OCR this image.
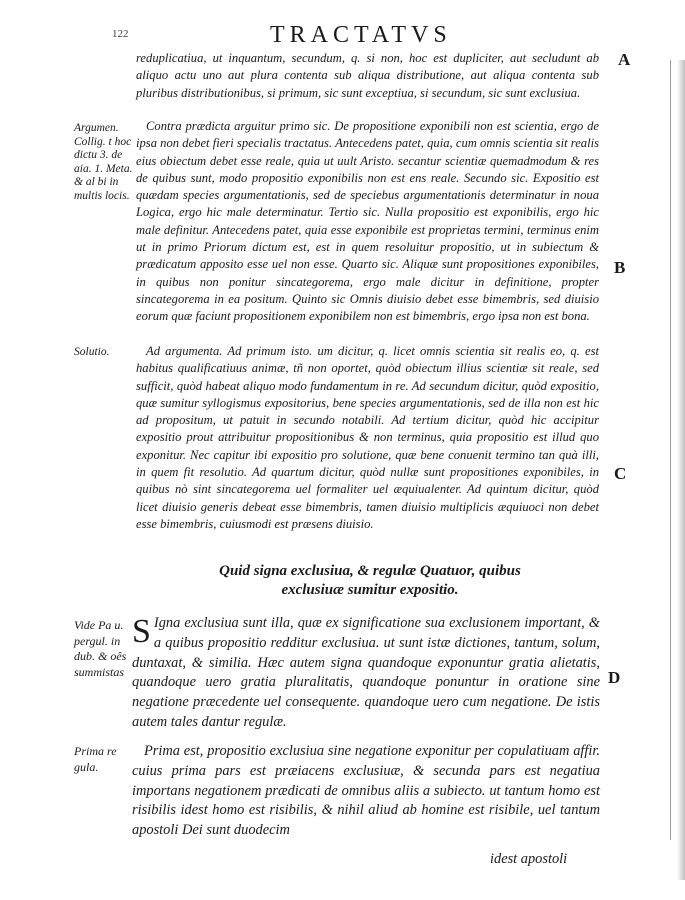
122	TRACTATVS
A
B
C
D
reduplicatiua, ut inquantum, secundum, q. si non, hoc est dupliciter, aut secludunt ab aliquo actu uno aut plura contenta sub aliqua distributione, aut aliqua contenta sub pluribus distributionibus, si primum, sic sunt exceptiua, si secundum, sic sunt exclusiua.
Argumen. Collig. t hoc dictu 3. de aia. 1. Meta. & al bi in multis locis.
Contra prædicta arguitur primo sic. De propositione exponibili non est scientia, ergo de ipsa non debet fieri specialis tractatus. Antecedens patet, quia, cum omnis scientia sit realis eius obiectum debet esse reale, quia ut uult Aristo. secantur scientiæ quemadmodum & res de quibus sunt, modo propositio exponibilis non est ens reale. Secundo sic. Expositio est quædam species argumentationis, sed de speciebus argumentationis determinatur in noua Logica, ergo hic male determinatur. Tertio sic. Nulla propositio est exponibilis, ergo hic male definitur. Antecedens patet, quia esse exponibile est proprietas termini, terminus enim ut in primo Priorum dictum est, est in quem resoluitur propositio, ut in subiectum & prædicatum apposito esse uel non esse. Quarto sic. Aliquæ sunt propositiones exponibiles, in quibus non ponitur sincategorema, ergo male dicitur in definitione, propter sincategorema in ea positum. Quinto sic Omnis diuisio debet esse bimembris, sed diuisio eorum quæ faciunt propositionem exponibilem non est bimembris, ergo ipsa non est bona.
Solutio.	Ad argumenta. Ad primum isto. um dicitur, q. licet omnis scientia sit realis eo, q. est habitus qualificatiuus animæ, tñ non oportet, quòd obiectum illius scientiæ sit reale, sed sufficit, quòd habeat aliquo modo fundamentum in re. Ad secundum dicitur, quòd expositio, quæ sumitur syllogismus expositorius, bene species argumentationis, sed de illa non est hic ad propositum, ut patuit in secundo notabili. Ad tertium dicitur, quòd hic accipitur expositio prout attribuitur propositionibus & non terminus, quia propositio est illud quo exponitur. Nec capitur ibi expositio pro solutione, quæ bene conuenit termino tan quà illi, in quem fit resolutio. Ad quartum dicitur, quòd nullæ sunt propositiones exponibiles, in quibus nò sint sincategorema uel formaliter uel æquiualenter. Ad quintum dicitur, quòd licet diuisio generis debeat esse bimembris, tamen diuisio multiplicis æquiuoci non debet esse bimembris, cuiusmodi est præsens diuisio.
Quid signa exclusiua, & regulæ Quatuor, quibus
exclusiuæ sumitur expositio.
Vide Pa u. pergul. in dub. & oês summistas
S Igna exclusiua sunt illa, quæ ex significatione sua exclusionem important, & a quibus propositio redditur exclusiua. ut sunt istæ dictiones, tantum, solum, duntaxat, & similia. Hæc autem signa quandoque exponuntur gratia alietatis, quandoque uero gratia pluralitatis, quandoque ponuntur in oratione sine negatione præcedente uel consequente. quandoque uero cum negatione. De istis autem tales dantur regulæ.
Prima re gula.
Prima est, propositio exclusiua sine negatione exponitur per copulatiuam affir. cuius prima pars est præiacens exclusiuæ, & secunda pars est negatiua importans negationem prædicati de omnibus aliis a subiecto. ut tantum homo est risibilis idest homo est risibilis, & nihil aliud ab homine est risibile, uel tantum apostoli Dei sunt duodecim
idest apostoli
